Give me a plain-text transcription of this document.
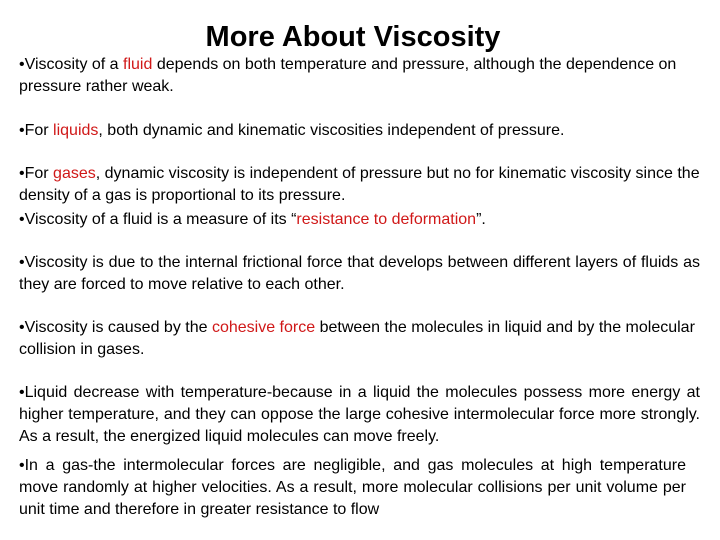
More About Viscosity

•Viscosity of a fluid depends on both temperature and pressure, although the dependence on pressure rather weak.

•For liquids, both dynamic and kinematic viscosities independent of pressure.

•For gases, dynamic viscosity is independent of pressure but no for kinematic viscosity since the density of a gas is proportional to its pressure.

•Viscosity of a fluid is a measure of its “resistance to deformation”.

•Viscosity is due to the internal frictional force that develops between different layers of fluids as they are forced to move relative to each other.

•Viscosity is caused by the cohesive force between the molecules in liquid and by the molecular collision in gases.

•Liquid decrease with temperature-because in a liquid the molecules possess more energy at higher temperature, and they can oppose the large cohesive intermolecular force more strongly. As a result, the energized liquid molecules can move freely.

•In a gas-the intermolecular forces are negligible, and gas molecules at high temperature move randomly at higher velocities. As a result, more molecular collisions per unit volume per unit time and therefore in greater resistance to flow
